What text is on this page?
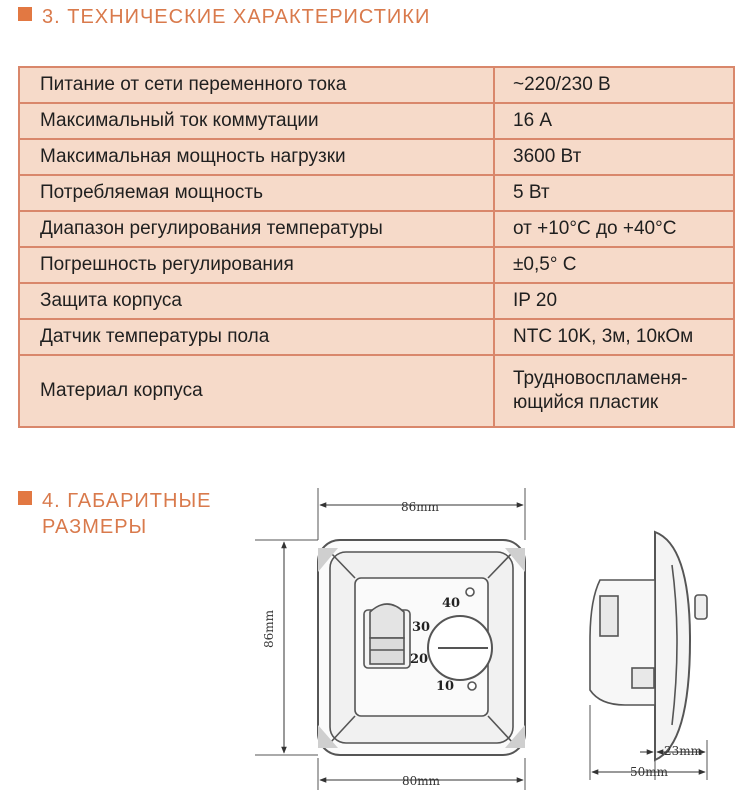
3. ТЕХНИЧЕСКИЕ ХАРАКТЕРИСТИКИ
Питание от сети переменного тока	~220/230 В
Максимальный ток коммутации	16 А
Максимальная мощность нагрузки	3600 Вт
Потребляемая мощность	5 Вт
Диапазон регулирования температуры	от +10°С до +40°С
Погрешность регулирования	±0,5° С
Защита корпуса	IP 20
Датчик температуры пола	NTC 10K, 3м, 10кОм
Материал корпуса	Трудновоспламеня-
ющийся пластик
4. ГАБАРИТНЫЕ
РАЗМЕРЫ
86mm
86mm
80mm
23mm
50mm
40
30
20
10
